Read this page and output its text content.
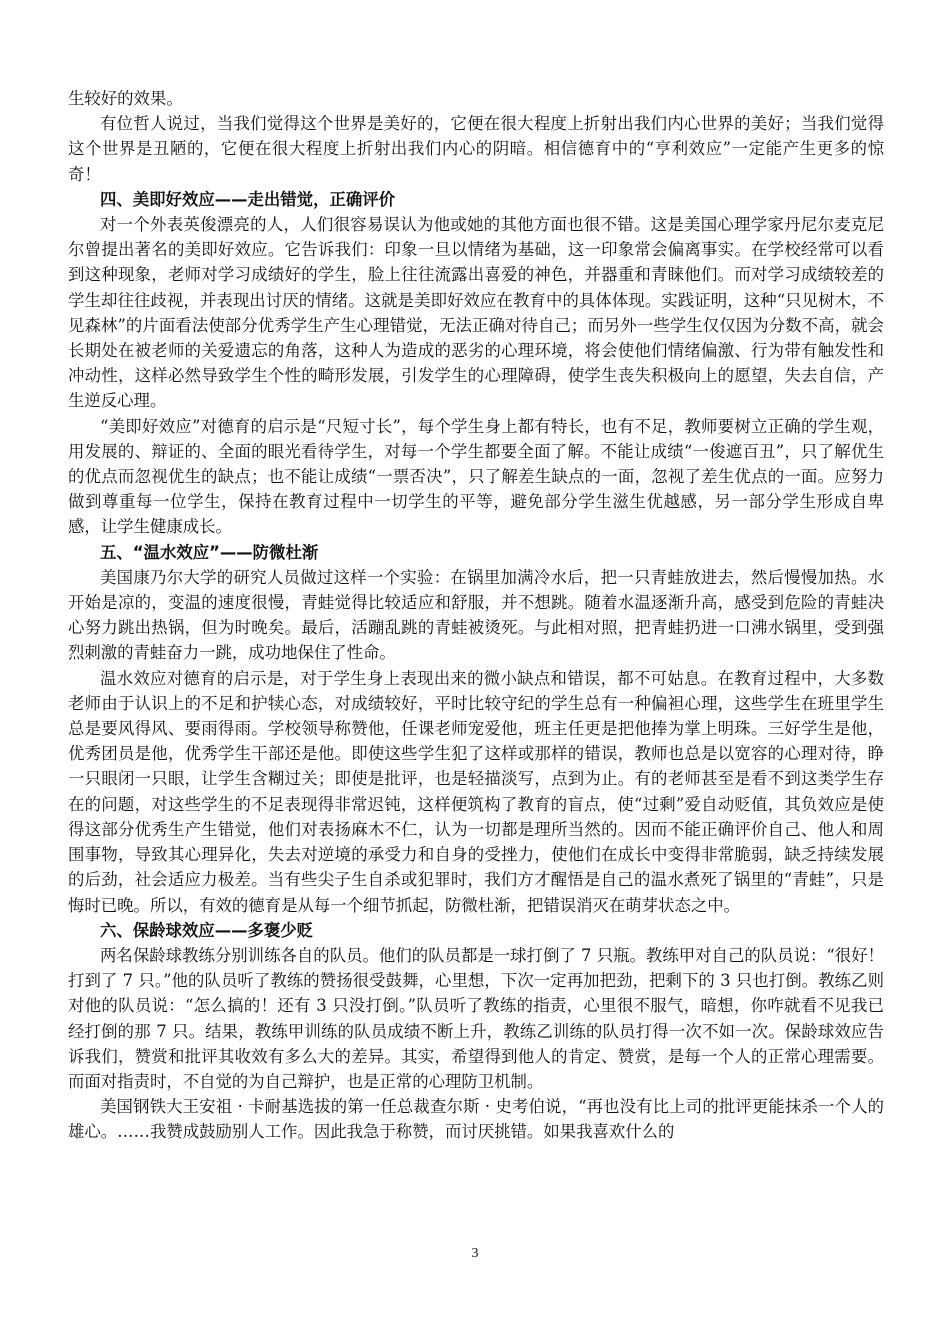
生较好的效果。

有位哲人说过，当我们觉得这个世界是美好的，它便在很大程度上折射出我们内心世界的美好；当我们觉得这个世界是丑陋的，它便在很大程度上折射出我们内心的阴暗。相信德育中的“亨利效应”一定能产生更多的惊奇！

四、美即好效应——走出错觉，正确评价

对一个外表英俊漂亮的人，人们很容易误认为他或她的其他方面也很不错。这是美国心理学家丹尼尔麦克尼尔曾提出著名的美即好效应。它告诉我们：印象一旦以情绪为基础，这一印象常会偏离事实。在学校经常可以看到这种现象，老师对学习成绩好的学生，脸上往往流露出喜爱的神色，并器重和青睐他们。而对学习成绩较差的学生却往往歧视，并表现出讨厌的情绪。这就是美即好效应在教育中的具体体现。实践证明，这种“只见树木，不见森林”的片面看法使部分优秀学生产生心理错觉，无法正确对待自己；而另外一些学生仅仅因为分数不高，就会长期处在被老师的关爱遗忘的角落，这种人为造成的恶劣的心理环境，将会使他们情绪偏激、行为带有触发性和冲动性，这样必然导致学生个性的畸形发展，引发学生的心理障碍，使学生丧失积极向上的愿望，失去自信，产生逆反心理。

“美即好效应”对德育的启示是“尺短寸长”，每个学生身上都有特长，也有不足，教师要树立正确的学生观，用发展的、辩证的、全面的眼光看待学生，对每一个学生都要全面了解。不能让成绩“一俊遮百丑”，只了解优生的优点而忽视优生的缺点；也不能让成绩“一票否决”，只了解差生缺点的一面，忽视了差生优点的一面。应努力做到尊重每一位学生，保持在教育过程中一切学生的平等，避免部分学生滋生优越感，另一部分学生形成自卑感，让学生健康成长。

五、“温水效应”——防微杜渐

美国康乃尔大学的研究人员做过这样一个实验：在锅里加满冷水后，把一只青蛙放进去，然后慢慢加热。水开始是凉的，变温的速度很慢，青蛙觉得比较适应和舒服，并不想跳。随着水温逐渐升高，感受到危险的青蛙决心努力跳出热锅，但为时晚矣。最后，活蹦乱跳的青蛙被烫死。与此相对照，把青蛙扔进一口沸水锅里，受到强烈刺激的青蛙奋力一跳，成功地保住了性命。

温水效应对德育的启示是，对于学生身上表现出来的微小缺点和错误，都不可姑息。在教育过程中，大多数老师由于认识上的不足和护犊心态，对成绩较好，平时比较守纪的学生总有一种偏袒心理，这些学生在班里学生总是要风得风、要雨得雨。学校领导称赞他，任课老师宠爱他，班主任更是把他捧为掌上明珠。三好学生是他，优秀团员是他，优秀学生干部还是他。即使这些学生犯了这样或那样的错误，教师也总是以宽容的心理对待，睁一只眼闭一只眼，让学生含糊过关；即使是批评，也是轻描淡写，点到为止。有的老师甚至是看不到这类学生存在的问题，对这些学生的不足表现得非常迟钝，这样便筑构了教育的盲点，使“过剩”爱自动贬值，其负效应是使得这部分优秀生产生错觉，他们对表扬麻木不仁，认为一切都是理所当然的。因而不能正确评价自己、他人和周围事物，导致其心理异化，失去对逆境的承受力和自身的受挫力，使他们在成长中变得非常脆弱，缺乏持续发展的后劲，社会适应力极差。当有些尖子生自杀或犯罪时，我们方才醒悟是自己的温水煮死了锅里的“青蛙”，只是悔时已晚。所以，有效的德育是从每一个细节抓起，防微杜渐，把错误消灭在萌芽状态之中。

六、保龄球效应——多褒少贬

两名保龄球教练分别训练各自的队员。他们的队员都是一球打倒了 7 只瓶。教练甲对自己的队员说：“很好！打到了 7 只。”他的队员听了教练的赞扬很受鼓舞，心里想，下次一定再加把劲，把剩下的 3 只也打倒。教练乙则对他的队员说：“怎么搞的！还有 3 只没打倒。”队员听了教练的指责，心里很不服气，暗想，你咋就看不见我已经打倒的那 7 只。结果，教练甲训练的队员成绩不断上升，教练乙训练的队员打得一次不如一次。保龄球效应告诉我们，赞赏和批评其收效有多么大的差异。其实，希望得到他人的肯定、赞赏，是每一个人的正常心理需要。而面对指责时，不自觉的为自己辩护，也是正常的心理防卫机制。

美国钢铁大王安祖 · 卡耐基选拔的第一任总裁查尔斯 · 史考伯说，“再也没有比上司的批评更能抹杀一个人的雄心。……我赞成鼓励别人工作。因此我急于称赞，而讨厌挑错。如果我喜欢什么的

3
